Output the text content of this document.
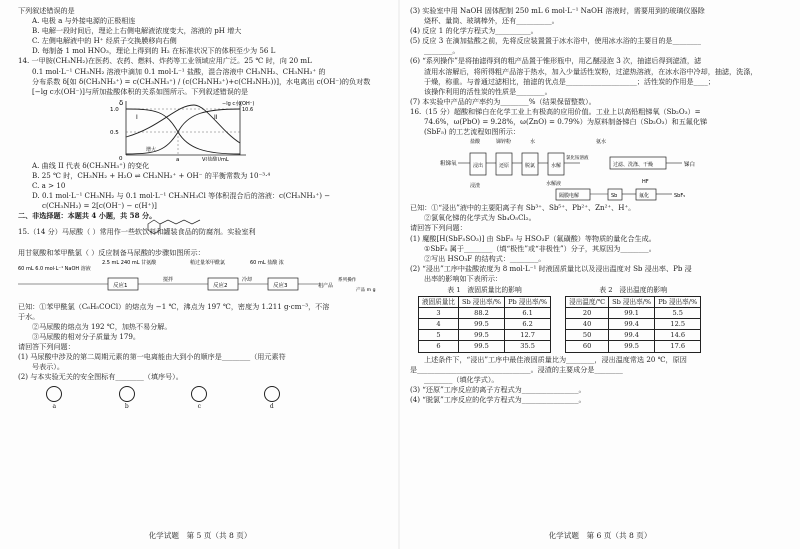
下列叙述错误的是

A. 电极 a 与外接电源的正极相连

B. 电解一段时间后，理论上右侧电解液浓度变大，溶液的 pH 增大

C. 左侧电解液中的 H⁺ 经质子交换膜移向右侧

D. 每制备 1 mol HNO₃，理论上得到的 H₂ 在标准状况下的体积至少为 56 L

14. 一甲胺(CH₃NH₂)在医药、农药、燃料、炸药等工业领域应用广泛。25 ℃ 时，向 20 mL

0.1 mol·L⁻¹ CH₃NH₂ 溶液中滴加 0.1 mol·L⁻¹ 盐酸，混合溶液中 CH₃NH₂、CH₃NH₃⁺ 的

分布系数 δ[如 δ(CH₃NH₃⁺) = c(CH₃NH₃⁺) / (c(CH₃NH₃⁺)+c(CH₃NH₂))]，水电离出 c(OH⁻)的负对数

[−lg c水(OH⁻)]与所加盐酸体积的关系如图所示。下列叙述错误的是

δ
1.0
0.5
0	a	V(盐酸)/mL
10.6
−lg c水(OH⁻)
I	II
增大

A. 曲线 II 代表 δ(CH₃NH₃⁺) 的变化

B. 25 ℃ 时，CH₃NH₂ + H₂O ⇌ CH₃NH₃⁺ + OH⁻ 的平衡常数为 10⁻³·⁴

C. a > 10

D. 0.1 mol·L⁻¹ CH₃NH₂ 与 0.1 mol·L⁻¹ CH₃NH₃Cl 等体积混合后的溶液：c(CH₃NH₃⁺) −

c(CH₃NH₂) = 2[c(OH⁻) − c(H⁺)]

二、非选择题：本题共 4 小题，共 58 分。

15.（14 分）马尿酸（ ）常用作一些软饮料和罐装食品的防腐剂。实验室利

用甘氨酸和苯甲酰氯（ ）反应制备马尿酸的步骤如图所示：

60 mL 6.0 mol·L⁻¹ NaOH 溶液
2.5 mL 240 mL 甘氨酸	稍过量苯甲酰氯	60 mL 盐酸 浓
反应1
搅拌
反应2
冷却
反应3	粗产品
系列操作
产品 m g

已知：①苯甲酰氯（C₆H₅COCl）的熔点为 −1 ℃，沸点为 197 ℃，密度为 1.211 g·cm⁻³，不溶

于水。

②马尿酸的熔点为 192 ℃，加热不易分解。

③马尿酸的相对分子质量为 179。

请回答下列问题：

(1) 马尿酸中涉及的第二周期元素的第一电离能由大到小的顺序是________（用元素符

号表示）。

(2) 与本实验无关的安全图标有________（填序号）。

a	b	c	d
化学试题　第 5 页（共 8 页）

(3) 实验室中用 NaOH 固体配制 250 mL 6 mol·L⁻¹ NaOH 溶液时，需要用到的玻璃仪器除

烧杯、量筒、玻璃棒外，还有__________。

(4) 反应 1 的化学方程式为__________。

(5) 反应 3 在滴加盐酸之前，先将反应装置置于冰水浴中，使用冰水浴的主要目的是________

________。

(6) “系列操作”是将抽滤得到的粗产品置于锥形瓶中，用乙醚浸泡 3 次，抽滤后得到滤渣，滤

渣用水溶解后，将所得粗产品溶于热水，加入少量活性炭粉，过滤热溶液，在冰水浴中冷却，抽滤，洗涤，

于燥，称重。与普通过滤相比，抽滤的优点是____________________；活性炭的作用是____；

该操作利用的活性炭的性质是________。

(7) 本实验中产品的产率约为________%（结果保留整数）。

16.（15 分）超酸和锑白在化学工业上有极高的应用价值。工业上以高铅粗锑氧（Sb₂O₃）=

74.6%，ω(PbO) = 9.28%，ω(ZnO) = 0.79%）为原料制备锑白（Sb₂O₃）和五氟化锑

(SbF₅) 的工艺流程如图所示：

盐酸	锑锌粉	水	氨水
粗锑氧	浸出	还原	脱氯	水解
氯化铵溶液
过滤、洗涤、干燥	锑白
浸渣	水解液
隔膜电解	Sb	氟化
HF
SbF₅

已知：①“浸出”液中的主要阳离子有 Sb³⁺、Sb⁵⁺、Pb²⁺、Zn²⁺、H⁺。

②氯氧化锑的化学式为 Sb₄O₅Cl₂。

请回答下列问题：

(1) 魔酸[H(SbF₅SO₃)] 由 SbF₅ 与 HSO₃F（氟磺酸）等物质的量化合生成。

①SbF₅ 属于________（填“极性”或“非极性”）分子，其原因为________。

②写出 HSO₃F 的结构式：________。

(2) “浸出”工序中盐酸浓度为 8 mol·L⁻¹ 时液固质量比以及浸出温度对 Sb 浸出率、Pb 浸

出率的影响如下表所示：

表 1　液固质量比的影响
液固质量比	Sb 浸出率/%	Pb 浸出率/%
3	88.2	6.1
4	99.5	6.2
5	99.5	12.7
6	99.5	35.5
表 2　浸出温度的影响
浸出温度/℃	Sb 浸出率/%	Pb 浸出率/%
20	99.1	5.5
40	99.4	12.5
50	99.4	14.6
60	99.5	17.6

上述条件下，“浸出”工序中最佳液固质量比为________，浸出温度常选 20 ℃，原因

是________________________________。浸渣的主要成分是________

________（填化学式）。

(3) “还原”工序反应的离子方程式为________________。

(4) “脱氯”工序反应的化学方程式为________________。

化学试题　第 6 页（共 8 页）
